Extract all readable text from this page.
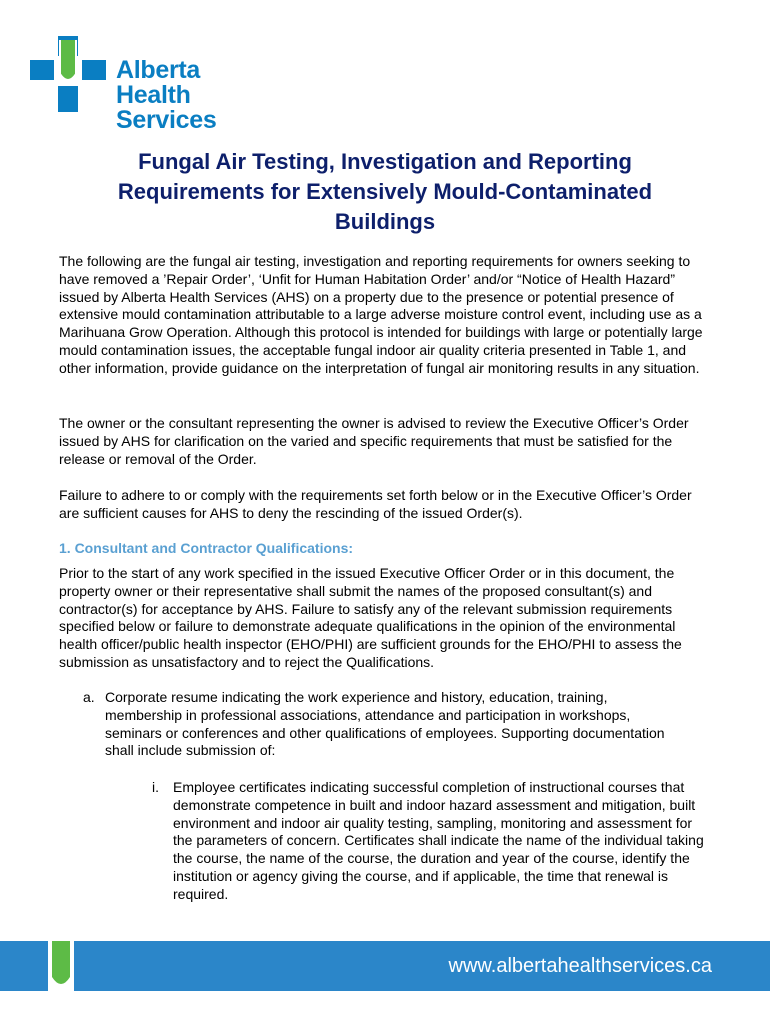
Alberta Health
Services
Fungal Air Testing, Investigation and Reporting
Requirements for Extensively Mould-Contaminated
Buildings

The following are the fungal air testing, investigation and reporting requirements for owners seeking to have removed a ’Repair Order’, ‘Unfit for Human Habitation Order’ and/or “Notice of Health Hazard” issued by Alberta Health Services (AHS) on a property due to the presence or potential presence of extensive mould contamination attributable to a large adverse moisture control event, including use as a Marihuana Grow Operation. Although this protocol is intended for buildings with large or potentially large mould contamination issues, the acceptable fungal indoor air quality criteria presented in Table 1, and other information, provide guidance on the interpretation of fungal air monitoring results in any situation.

The owner or the consultant representing the owner is advised to review the Executive Officer’s Order issued by AHS for clarification on the varied and specific requirements that must be satisfied for the release or removal of the Order.

Failure to adhere to or comply with the requirements set forth below or in the Executive Officer’s Order are sufficient causes for AHS to deny the rescinding of the issued Order(s).

1. Consultant and Contractor Qualifications:

Prior to the start of any work specified in the issued Executive Officer Order or in this document, the property owner or their representative shall submit the names of the proposed consultant(s) and contractor(s) for acceptance by AHS. Failure to satisfy any of the relevant submission requirements specified below or failure to demonstrate adequate qualifications in the opinion of the environmental health officer/public health inspector (EHO/PHI) are sufficient grounds for the EHO/PHI to assess the submission as unsatisfactory and to reject the Qualifications.

a. Corporate resume indicating the work experience and history, education, training, membership in professional associations, attendance and participation in workshops, seminars or conferences and other qualifications of employees. Supporting documentation shall include submission of:
i. Employee certificates indicating successful completion of instructional courses that demonstrate competence in built and indoor hazard assessment and mitigation, built environment and indoor air quality testing, sampling, monitoring and assessment for the parameters of concern. Certificates shall indicate the name of the individual taking the course, the name of the course, the duration and year of the course, identify the institution or agency giving the course, and if applicable, the time that renewal is required.
www.albertahealthservices.ca
